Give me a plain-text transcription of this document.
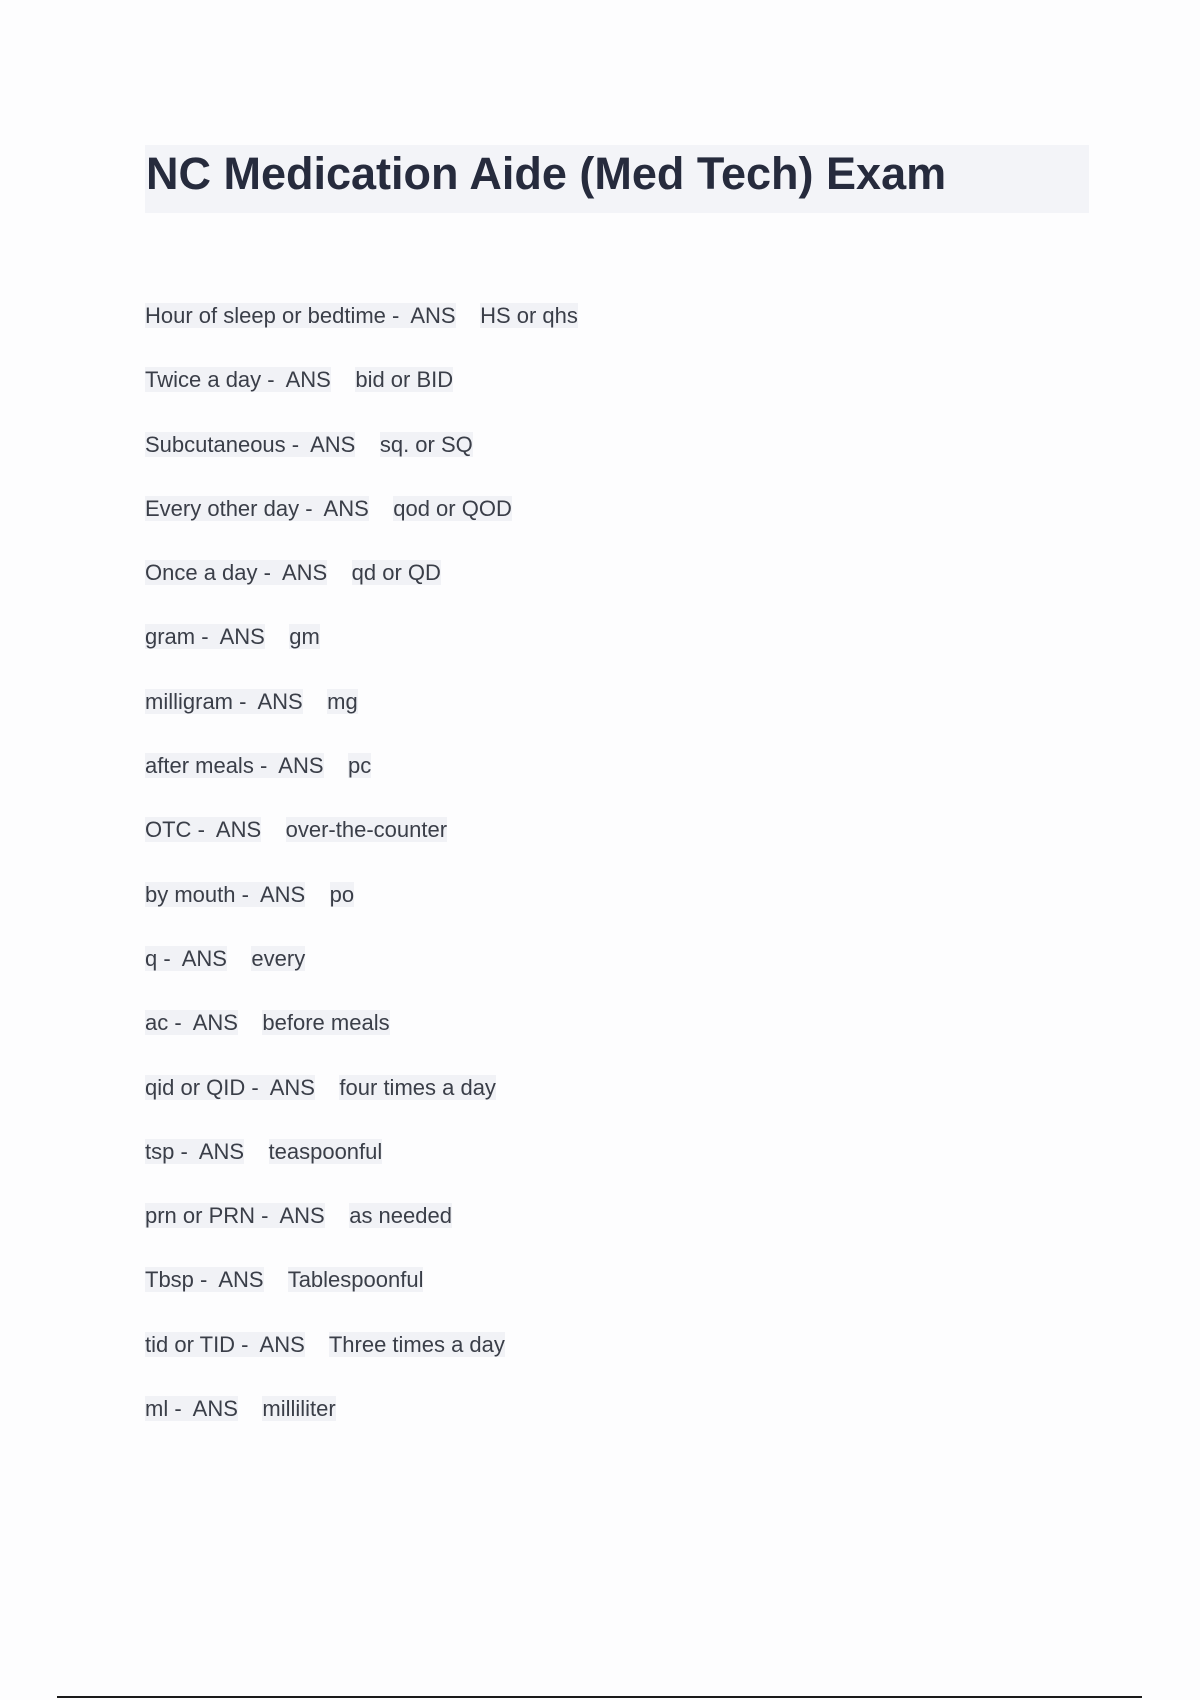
NC Medication Aide (Med Tech) Exam
Hour of sleep or bedtime -  ANS HS or qhs
Twice a day -  ANS bid or BID
Subcutaneous -  ANS sq. or SQ
Every other day -  ANS qod or QOD
Once a day -  ANS qd or QD
gram -  ANS gm
milligram -  ANS mg
after meals -  ANS pc
OTC -  ANS over-the-counter
by mouth -  ANS po
q -  ANS every
ac -  ANS before meals
qid or QID -  ANS four times a day
tsp -  ANS teaspoonful
prn or PRN -  ANS as needed
Tbsp -  ANS Tablespoonful
tid or TID -  ANS Three times a day
ml -  ANS milliliter
